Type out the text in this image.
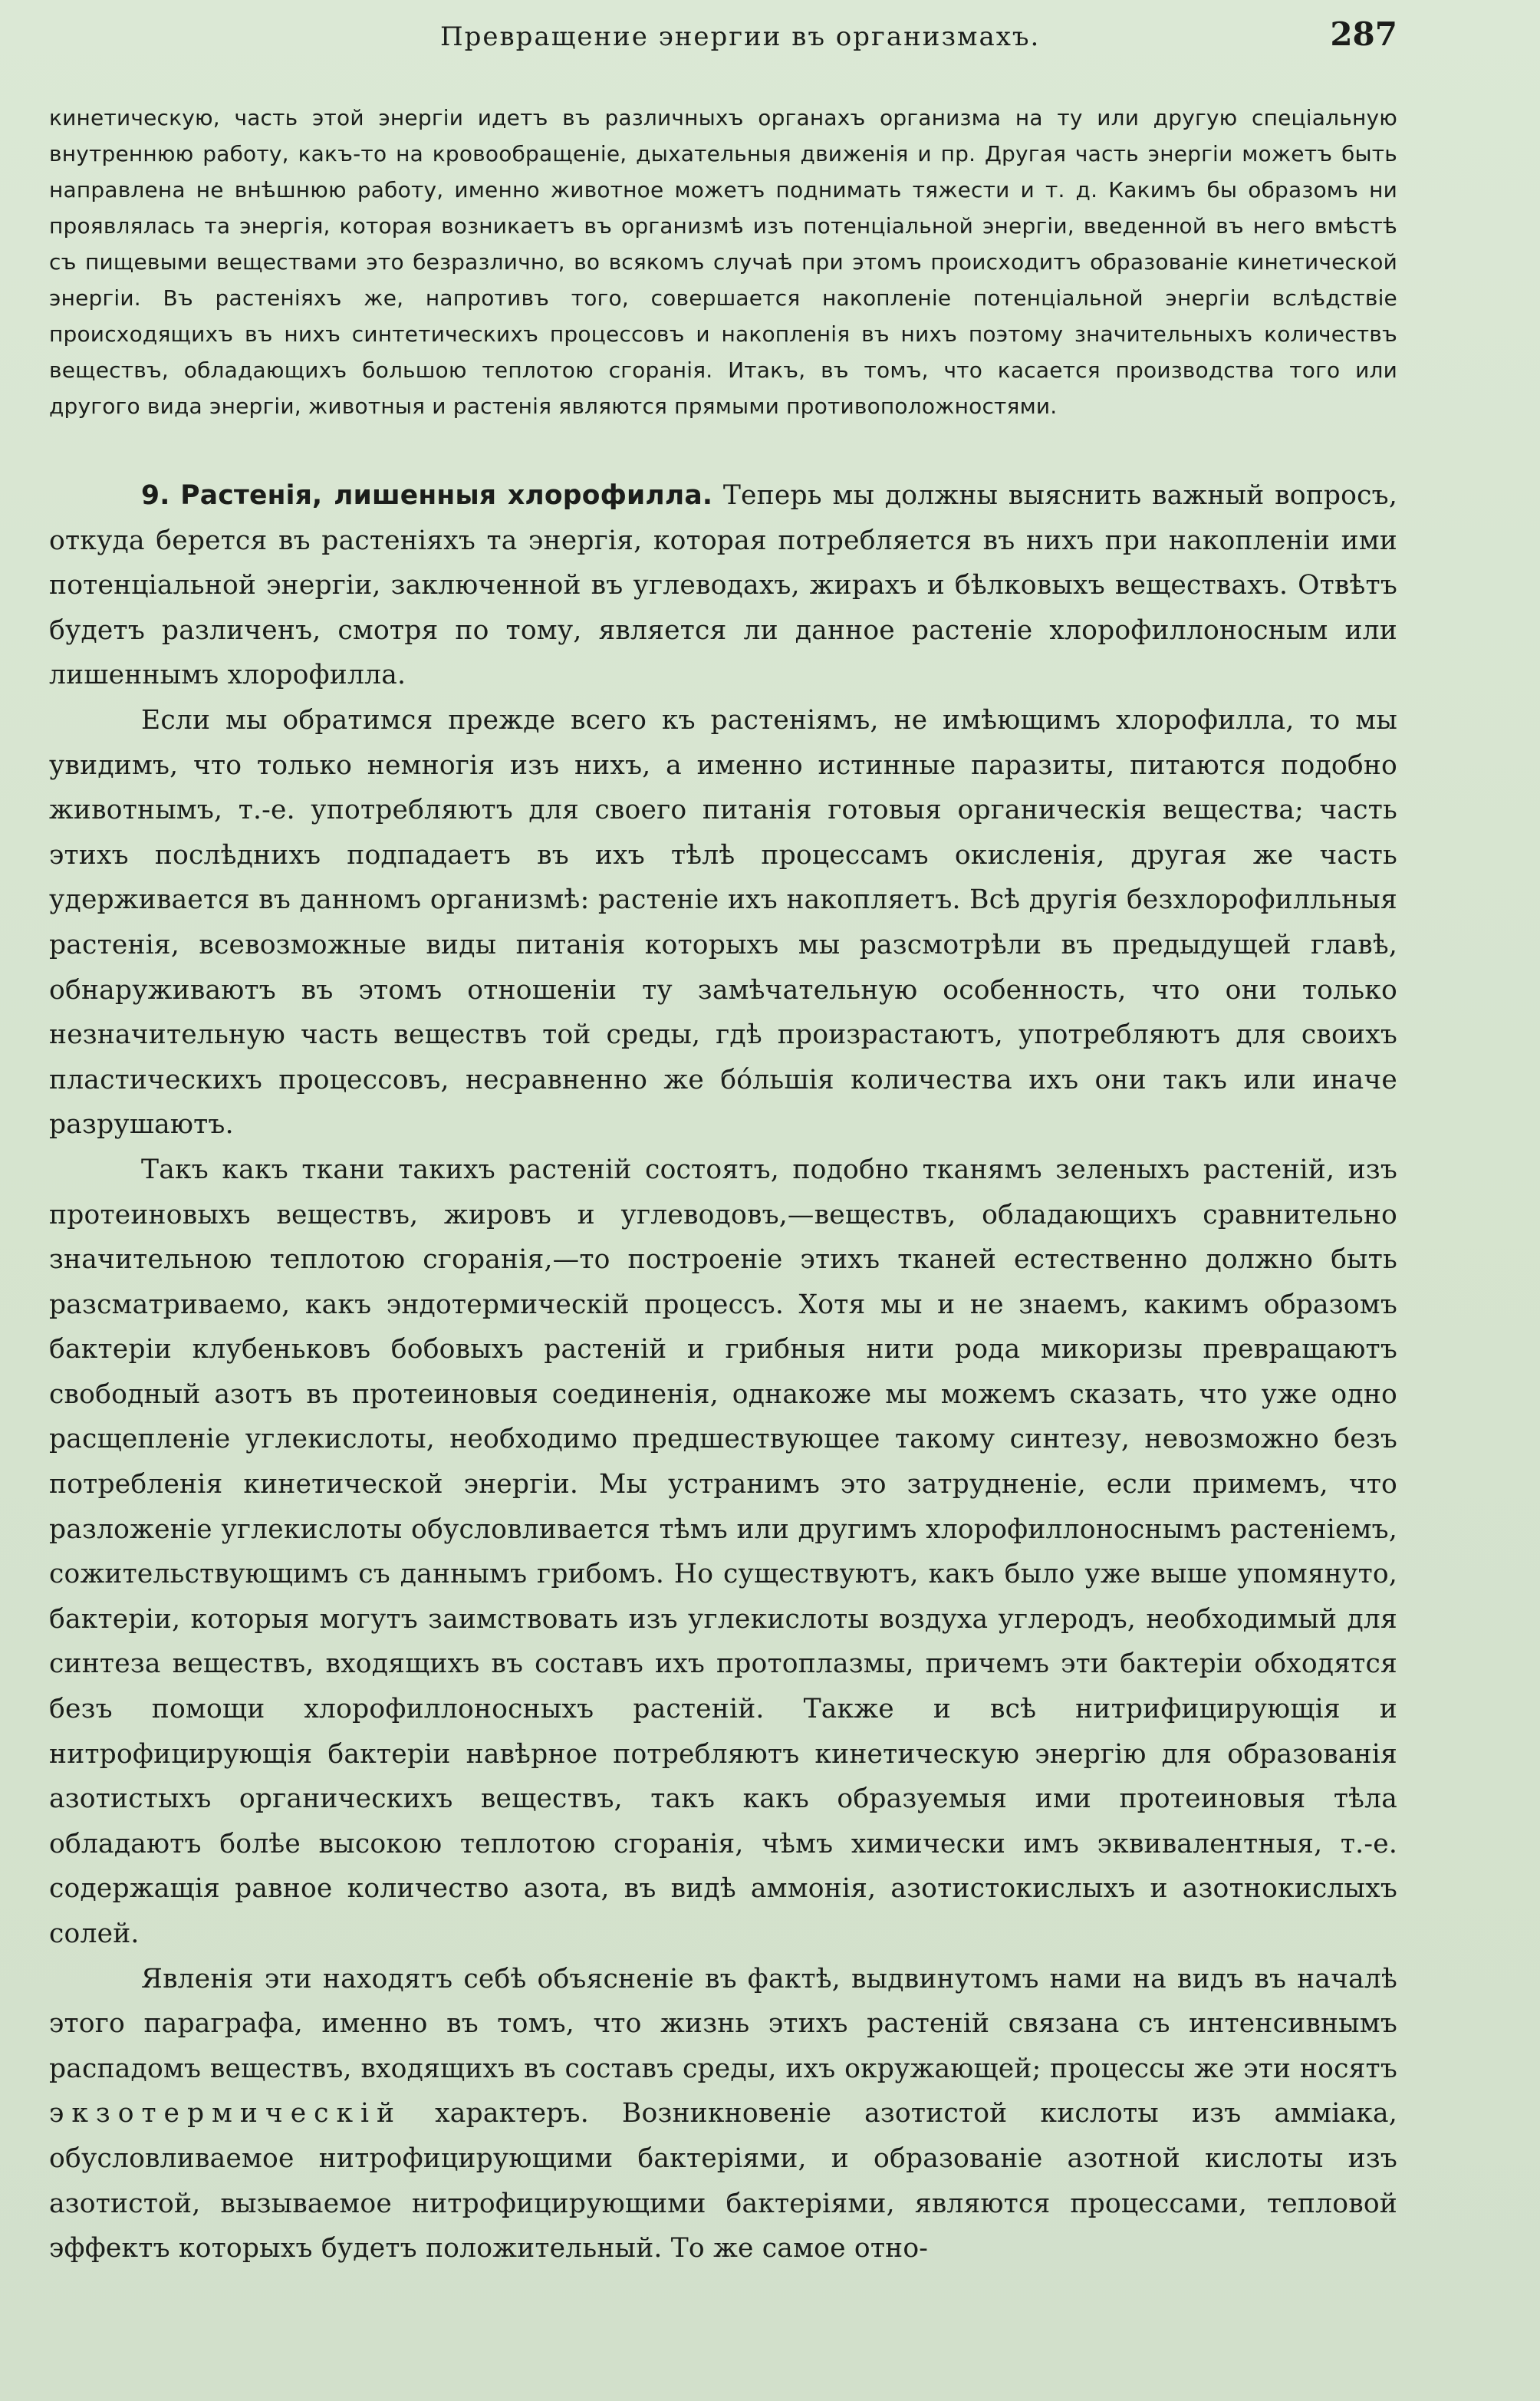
Превращение энергии въ организмахъ.	287

кинетическую, часть этой энергіи идетъ въ различныхъ органахъ организма на ту или другую спеціальную внутреннюю работу, какъ-то на кровообращеніе, дыхательныя движенія и пр. Другая часть энергіи можетъ быть направлена не внѣшнюю работу, именно животное можетъ поднимать тяжести и т. д. Какимъ бы образомъ ни проявлялась та энергія, которая возникаетъ въ организмѣ изъ потенціальной энергіи, введенной въ него вмѣстѣ съ пищевыми веществами это безразлично, во всякомъ случаѣ при этомъ происходитъ образованіе кинетической энергіи. Въ растеніяхъ же, напротивъ того, совершается накопленіе потенціальной энергіи вслѣдствіе происходящихъ въ нихъ синтетическихъ процессовъ и накопленія въ нихъ поэтому значительныхъ количествъ веществъ, обладающихъ большою теплотою сгоранія. Итакъ, въ томъ, что касается производства того или другого вида энергіи, животныя и растенія являются прямыми противоположностями.

9. Растенія, лишенныя хлорофилла. Теперь мы должны выяснить важный вопросъ, откуда берется въ растеніяхъ та энергія, которая потребляется въ нихъ при накопленіи ими потенціальной энергіи, заключенной въ углеводахъ, жирахъ и бѣлковыхъ веществахъ. Отвѣтъ будетъ различенъ, смотря по тому, является ли данное растеніе хлорофиллоносным или лишеннымъ хлорофилла.

Если мы обратимся прежде всего къ растеніямъ, не имѣющимъ хлорофилла, то мы увидимъ, что только немногія изъ нихъ, а именно истинные паразиты, питаются подобно животнымъ, т.-е. употребляютъ для своего питанія готовыя органическія вещества; часть этихъ послѣднихъ подпадаетъ въ ихъ тѣлѣ процессамъ окисленія, другая же часть удерживается въ данномъ организмѣ: растеніе ихъ накопляетъ. Всѣ другія безхлорофилльныя растенія, всевозможные виды питанія которыхъ мы разсмотрѣли въ предыдущей главѣ, обнаруживаютъ въ этомъ отношеніи ту замѣчательную особенность, что они только незначительную часть веществъ той среды, гдѣ произрастаютъ, употребляютъ для своихъ пластическихъ процессовъ, несравненно же бóльшія количества ихъ они такъ или иначе разрушаютъ.

Такъ какъ ткани такихъ растеній состоятъ, подобно тканямъ зеленыхъ растеній, изъ протеиновыхъ веществъ, жировъ и углеводовъ,—веществъ, обладающихъ сравнительно значительною теплотою сгоранія,—то построеніе этихъ тканей естественно должно быть разсматриваемо, какъ эндотермическій процессъ. Хотя мы и не знаемъ, какимъ образомъ бактеріи клубеньковъ бобовыхъ растеній и грибныя нити рода микоризы превращаютъ свободный азотъ въ протеиновыя соединенія, однакоже мы можемъ сказать, что уже одно расщепленіе углекислоты, необходимо предшествующее такому синтезу, невозможно безъ потребленія кинетической энергіи. Мы устранимъ это затрудненіе, если примемъ, что разложеніе углекислоты обусловливается тѣмъ или другимъ хлорофиллоноснымъ растеніемъ, сожительствующимъ съ даннымъ грибомъ. Но существуютъ, какъ было уже выше упомянуто, бактеріи, которыя могутъ заимствовать изъ углекислоты воздуха углеродъ, необходимый для синтеза веществъ, входящихъ въ составъ ихъ протоплазмы, причемъ эти бактеріи обходятся безъ помощи хлорофиллоносныхъ растеній. Также и всѣ нитрифицирующія и нитрофицирующія бактеріи навѣрное потребляютъ кинетическую энергію для образованія азотистыхъ органическихъ веществъ, такъ какъ образуемыя ими протеиновыя тѣла обладаютъ болѣе высокою теплотою сгоранія, чѣмъ химически имъ эквивалентныя, т.-е. содержащія равное количество азота, въ видѣ аммонія, азотистокислыхъ и азотнокислыхъ солей.

Явленія эти находятъ себѣ объясненіе въ фактѣ, выдвинутомъ нами на видъ въ началѣ этого параграфа, именно въ томъ, что жизнь этихъ растеній связана съ интенсивнымъ распадомъ веществъ, входящихъ въ составъ среды, ихъ окружающей; процессы же эти носятъ экзотермическій характеръ. Возникновеніе азотистой кислоты изъ амміака, обусловливаемое нитрофицирующими бактеріями, и образованіе азотной кислоты изъ азотистой, вызываемое нитрофицирующими бактеріями, являются процессами, тепловой эффектъ которыхъ будетъ положительный. То же самое отно-
